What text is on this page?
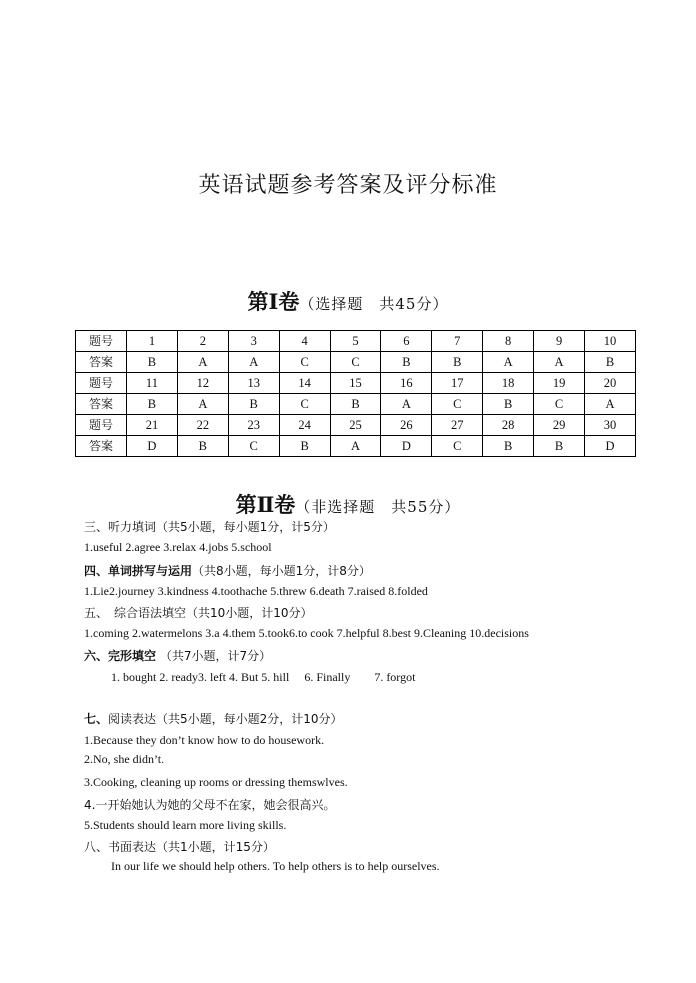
英语试题参考答案及评分标准
第Ⅰ卷（选择题　共45分）
题号	1	2	3	4	5	6	7	8	9	10
答案	B	A	A	C	C	B	B	A	A	B
题号	11	12	13	14	15	16	17	18	19	20
答案	B	A	B	C	B	A	C	B	C	A
题号	21	22	23	24	25	26	27	28	29	30
答案	D	B	C	B	A	D	C	B	B	D
第Ⅱ卷（非选择题　共55分）
三、听力填词（共5小题，每小题1分，计5分）
1.useful 2.agree 3.relax 4.jobs 5.school
四、单词拼写与运用（共8小题，每小题1分，计8分）
1.Lie2.journey 3.kindness 4.toothache 5.threw 6.death 7.raised 8.folded
五、　综合语法填空（共10小题，计10分）
1.coming 2.watermelons 3.a 4.them 5.took6.to cook 7.helpful 8.best 9.Cleaning 10.decisions
六、完形填空 （共7小题，计7分）
1. bought 2. ready3. left 4. But 5. hill　 6. Finally　　7. forgot
七、阅读表达（共5小题，每小题2分，计10分）
1.Because they don’t know how to do housework.
2.No, she didn’t.
3.Cooking, cleaning up rooms or dressing themswlves.
4.一开始她认为她的父母不在家，她会很高兴。
5.Students should learn more living skills.
八、书面表达（共1小题，计15分）
In our life we should help others. To help others is to help ourselves.
